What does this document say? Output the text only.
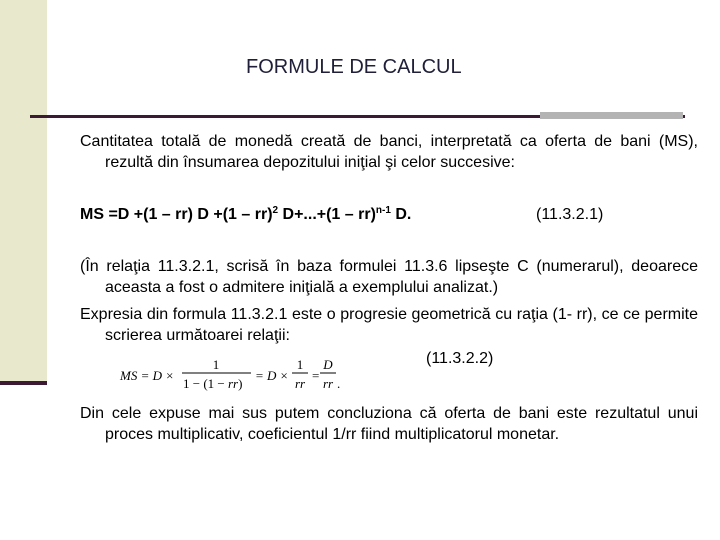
FORMULE DE CALCUL
Cantitatea totală de monedă creată de banci, interpretată ca oferta de bani (MS), rezultă din însumarea depozitului iniţial şi celor succesive:
MS =D +(1 – rr) D +(1 – rr)$^2$ D+...+(1 – rr)$^{n-1}$ D.	(11.3.2.1)
(În relaţia 11.3.2.1, scrisă în baza formulei 11.3.6 lipseşte C (numerarul), deoarece aceasta a fost o admitere iniţială a exemplului analizat.)
Expresia din formula 11.3.2.1 este o progresie geometrică cu raţia (1- rr), ce ce permite scrierea următoarei relaţii:
(11.3.2.2)
MS = D ×
1
1 − (1 − rr)
= D ×
1
rr
=
D
rr .
Din cele expuse mai sus putem concluziona că oferta de bani este rezultatul unui proces multiplicativ, coeficientul 1/rr fiind multiplicatorul monetar.
